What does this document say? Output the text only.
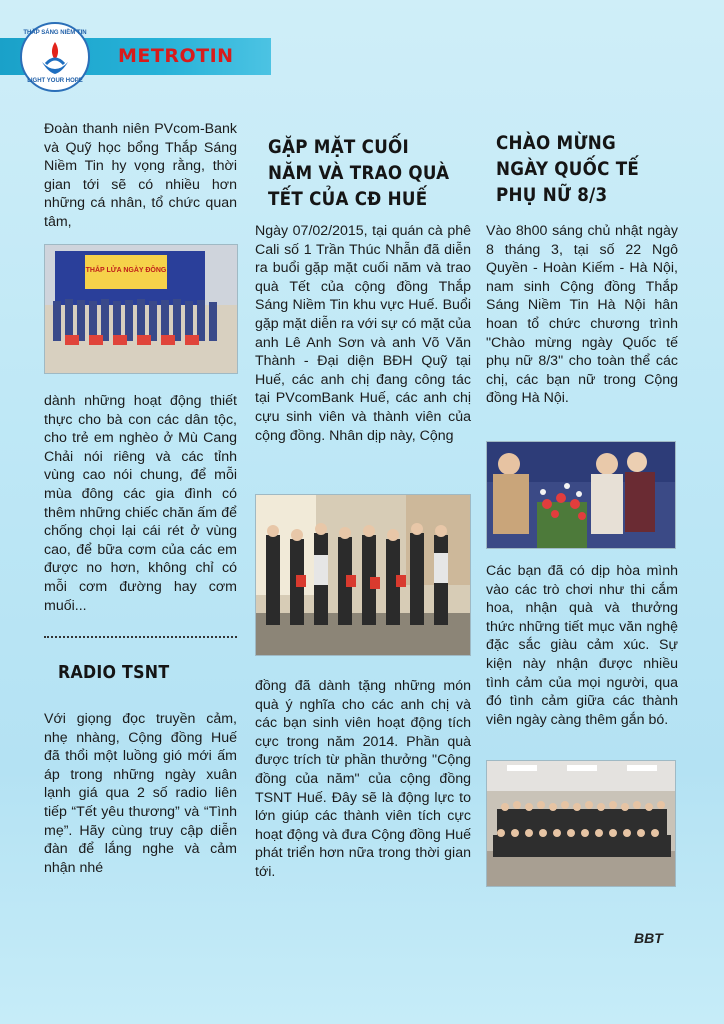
THẮP SÁNG NIỀM TIN
LIGHT YOUR HOPE
METROTIN

Đoàn thanh niên PVcom-Bank và Quỹ học bổng Thắp Sáng Niềm Tin hy vọng rằng, thời gian tới sẽ có nhiều hơn những cá nhân, tổ chức quan tâm,

THẮP LỬA NGÀY ĐÔNG

dành những hoạt động thiết thực cho bà con các dân tộc, cho trẻ em nghèo ở Mù Cang Chải nói riêng và các tỉnh vùng cao nói chung, để mỗi mùa đông các gia đình có thêm những chiếc chăn ấm để chống chọi lại cái rét ở vùng cao, để bữa cơm của các em được no hơn, không chỉ có mỗi cơm đường hay cơm muối...

RADIO TSNT

Với giọng đọc truyền cảm, nhẹ nhàng, Cộng đồng Huế đã thổi một luồng gió mới ấm áp trong những ngày xuân lạnh giá qua 2 số radio liên tiếp “Tết yêu thương” và “Tình mẹ”. Hãy cùng truy cập diễn đàn để lắng nghe và cảm nhận nhé

GẶP MẶT CUỐI NĂM VÀ TRAO QUÀ TẾT CỦA CĐ HUẾ

Ngày 07/02/2015, tại quán cà phê Cali số 1 Trần Thúc Nhẫn đã diễn ra buổi gặp mặt cuối năm và trao quà Tết của cộng đồng Thắp Sáng Niềm Tin khu vực Huế. Buổi gặp mặt diễn ra với sự có mặt của anh Lê Anh Sơn và anh Võ Văn Thành - Đại diện BĐH Quỹ tại Huế, các anh chị đang công tác tại PVcomBank Huế, các anh chị cựu sinh viên và thành viên của cộng đồng. Nhân dịp này, Cộng

đồng đã dành tặng những món quà ý nghĩa cho các anh chị và các bạn sinh viên hoạt động tích cực trong năm 2014. Phần quà được trích từ phần thưởng "Cộng đồng của năm" của cộng đồng TSNT Huế. Đây sẽ là động lực to lớn giúp các thành viên tích cực hoạt động và đưa Cộng đồng Huế phát triển hơn nữa trong thời gian tới.

CHÀO MỪNG NGÀY QUỐC TẾ PHỤ NỮ 8/3

Vào 8h00 sáng chủ nhật ngày 8 tháng 3, tại số 22 Ngô Quyền - Hoàn Kiếm - Hà Nội, nam sinh Cộng đồng Thắp Sáng Niềm Tin Hà Nội hân hoan tổ chức chương trình "Chào mừng ngày Quốc tế phụ nữ 8/3" cho toàn thể các chị, các bạn nữ trong Cộng đồng Hà Nội.

Các bạn đã có dịp hòa mình vào các trò chơi như thi cắm hoa, nhận quà và thưởng thức những tiết mục văn nghệ đặc sắc giàu cảm xúc. Sự kiện này nhận được nhiều tình cảm của mọi người, qua đó tình cảm giữa các thành viên ngày càng thêm gắn bó.

BBT
